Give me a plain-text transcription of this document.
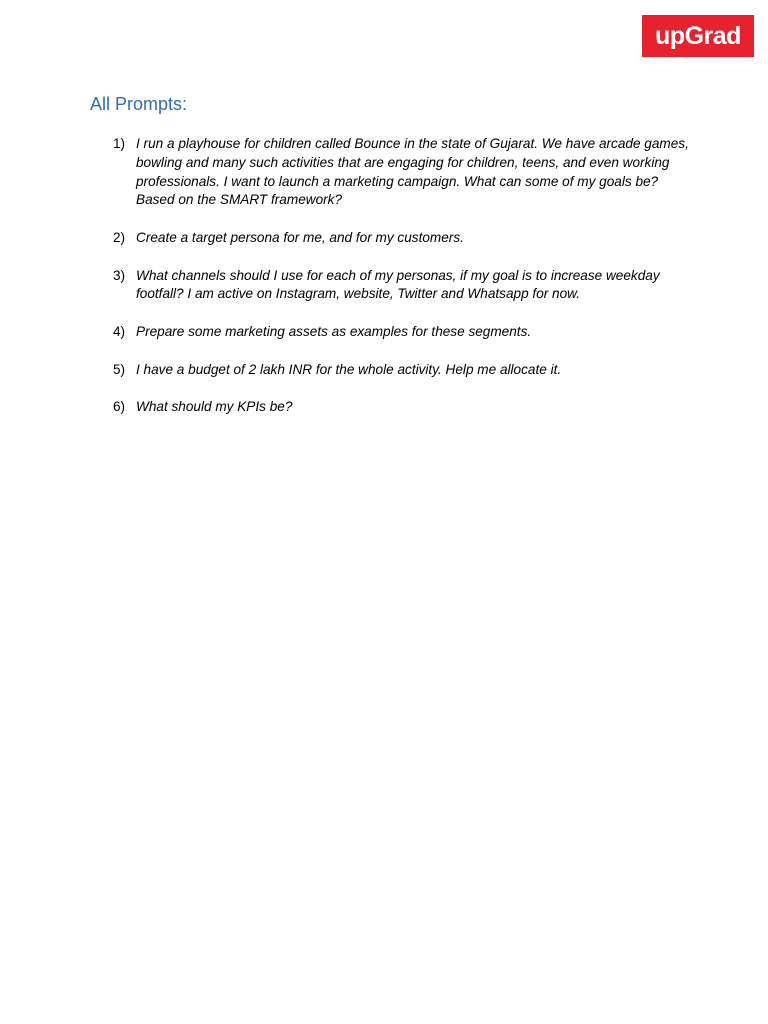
upGrad
All Prompts:
1) I run a playhouse for children called Bounce in the state of Gujarat. We have arcade games, bowling and many such activities that are engaging for children, teens, and even working professionals. I want to launch a marketing campaign. What can some of my goals be? Based on the SMART framework?
2) Create a target persona for me, and for my customers.
3) What channels should I use for each of my personas, if my goal is to increase weekday footfall? I am active on Instagram, website, Twitter and Whatsapp for now.
4) Prepare some marketing assets as examples for these segments.
5) I have a budget of 2 lakh INR for the whole activity. Help me allocate it.
6) What should my KPIs be?
